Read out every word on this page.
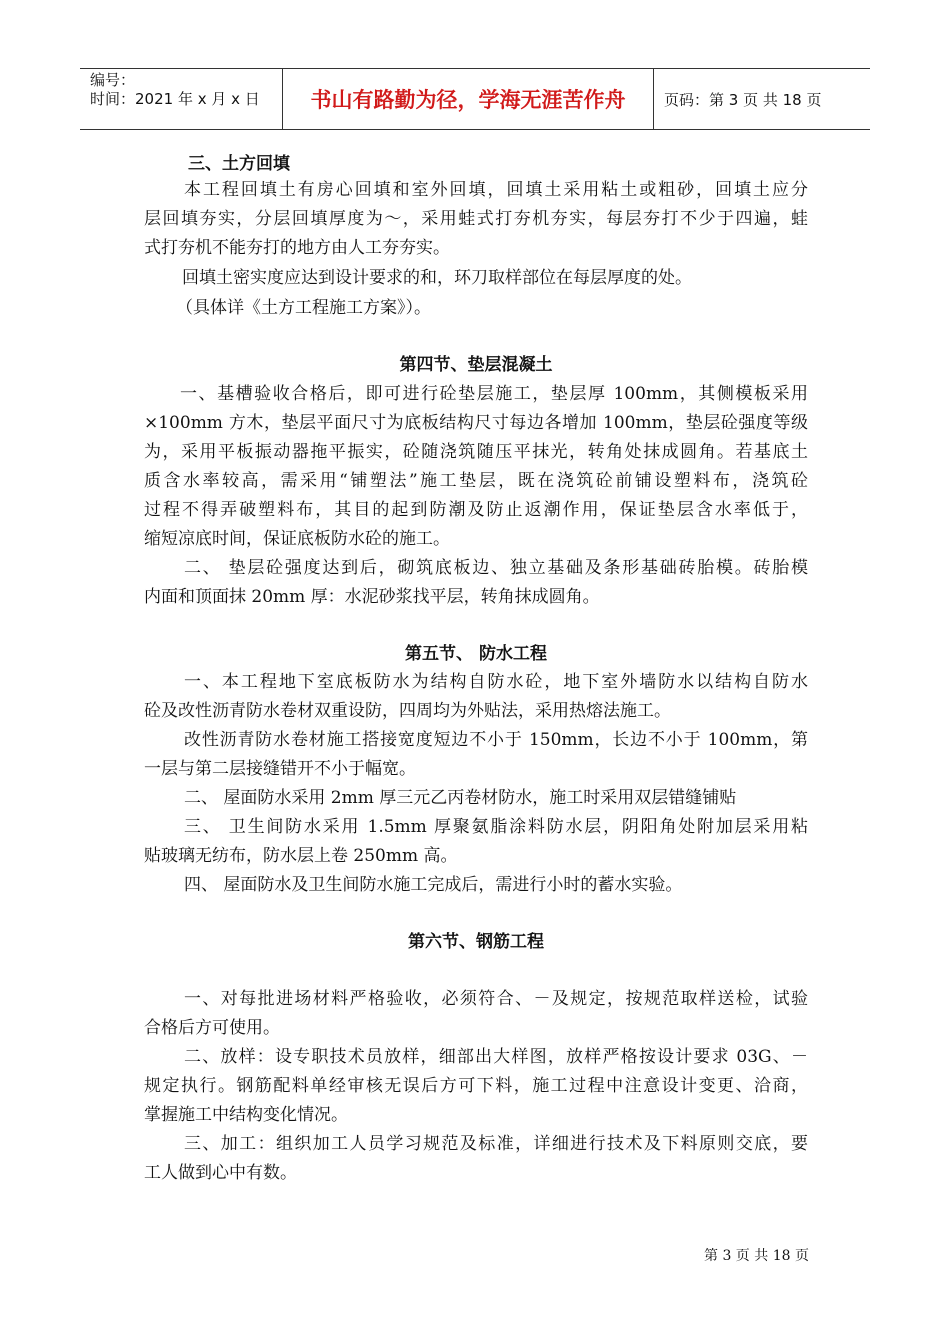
编号：
时间：2021 年 x 月 x 日	书山有路勤为径，学海无涯苦作舟	页码：第 3 页 共 18 页
三、土方回填
本工程回填土有房心回填和室外回填，回填土采用粘土或粗砂，回填土应分
层回填夯实，分层回填厚度为～，采用蛙式打夯机夯实，每层夯打不少于四遍，蛙
式打夯机不能夯打的地方由人工夯夯实。
回填土密实度应达到设计要求的和，环刀取样部位在每层厚度的处。
（具体详《土方工程施工方案》）。
第四节、垫层混凝土
一、基槽验收合格后，即可进行砼垫层施工，垫层厚 100mm，其侧模板采用
×100mm 方木，垫层平面尺寸为底板结构尺寸每边各增加 100mm，垫层砼强度等级
为，采用平板振动器拖平振实，砼随浇筑随压平抹光，转角处抹成圆角。若基底土
质含水率较高，需采用“铺塑法”施工垫层，既在浇筑砼前铺设塑料布，浇筑砼
过程不得弄破塑料布，其目的起到防潮及防止返潮作用，保证垫层含水率低于，
缩短凉底时间，保证底板防水砼的施工。
二、 垫层砼强度达到后，砌筑底板边、独立基础及条形基础砖胎模。砖胎模
内面和顶面抹 20mm 厚：水泥砂浆找平层，转角抹成圆角。
第五节、 防水工程
一、本工程地下室底板防水为结构自防水砼，地下室外墙防水以结构自防水
砼及改性沥青防水卷材双重设防，四周均为外贴法，采用热熔法施工。
改性沥青防水卷材施工搭接宽度短边不小于 150mm，长边不小于 100mm，第
一层与第二层接缝错开不小于幅宽。
二、 屋面防水采用 2mm 厚三元乙丙卷材防水，施工时采用双层错缝铺贴
三、 卫生间防水采用 1.5mm 厚聚氨脂涂料防水层，阴阳角处附加层采用粘
贴玻璃无纺布，防水层上卷 250mm 高。
四、 屋面防水及卫生间防水施工完成后，需进行小时的蓄水实验。
第六节、钢筋工程
一、对每批进场材料严格验收，必须符合、－及规定，按规范取样送检，试验
合格后方可使用。
二、放样：设专职技术员放样，细部出大样图，放样严格按设计要求 03G、－
规定执行。钢筋配料单经审核无误后方可下料，施工过程中注意设计变更、洽商，
掌握施工中结构变化情况。
三、加工：组织加工人员学习规范及标准，详细进行技术及下料原则交底，要
工人做到心中有数。
第 3 页 共 18 页
